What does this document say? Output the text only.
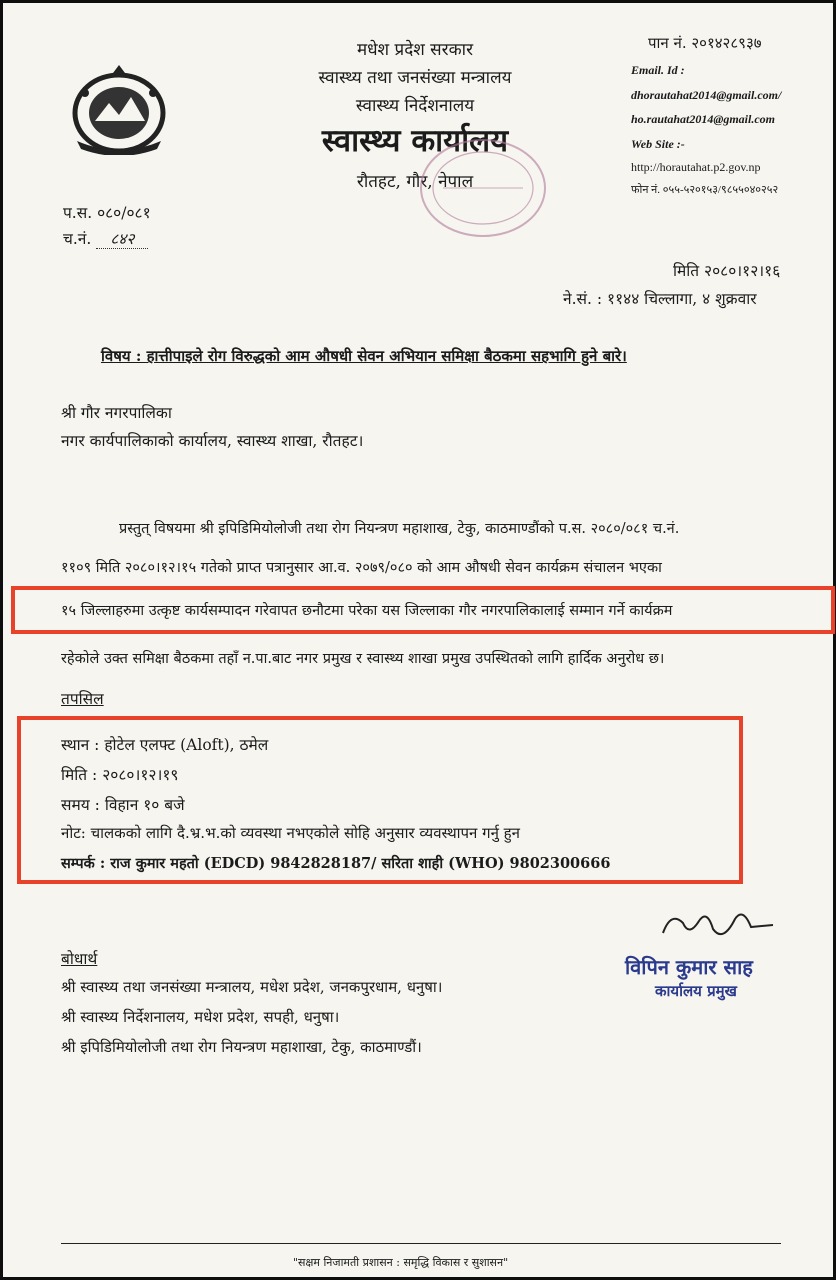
मधेश प्रदेश सरकार
स्वास्थ्य तथा जनसंख्या मन्त्रालय
स्वास्थ्य निर्देशनालय
स्वास्थ्य कार्यालय
रौतहट, गौर, नेपाल
पान नं. २०१४२८९३७
Email. Id :
dhorautahat2014@gmail.com/
ho.rautahat2014@gmail.com
Web Site :-
http://horautahat.p2.gov.np
फोन नं. ०५५-५२०१५३/९८५५०४०२५२
प.स. ०८०/०८१
च.नं. ८४२
मिति २०८०।१२।१६
ने.सं. : ११४४ चिल्लागा, ४ शुक्रवार
विषय : हात्तीपाइले रोग विरुद्धको आम औषधी सेवन अभियान समिक्षा बैठकमा सहभागि हुने बारे।
श्री गौर नगरपालिका
नगर कार्यपालिकाको कार्यालय, स्वास्थ्य शाखा, रौतहट।
प्रस्तुत् विषयमा श्री इपिडिमियोलोजी तथा रोग नियन्त्रण महाशाख, टेकु, काठमाण्डौंको प.स. २०८०/०८१ च.नं.
११०९ मिति २०८०।१२।१५ गतेको प्राप्त पत्रानुसार आ.व. २०७९/०८० को आम औषधी सेवन कार्यक्रम संचालन भएका
१५ जिल्लाहरुमा उत्कृष्ट कार्यसम्पादन गरेवापत छनौटमा परेका यस जिल्लाका गौर नगरपालिकालाई सम्मान गर्ने कार्यक्रम
रहेकोले उक्त समिक्षा बैठकमा तहाँ न.पा.बाट नगर प्रमुख र स्वास्थ्य शाखा प्रमुख उपस्थितको लागि हार्दिक अनुरोध छ।
तपसिल
स्थान : होटेल एलफ्ट (Aloft), ठमेल
मिति : २०८०।१२।१९
समय : विहान १० बजे
नोट: चालकको लागि दै.भ्र.भ.को व्यवस्था नभएकोले सोहि अनुसार व्यवस्थापन गर्नु हुन
सम्पर्क : राज कुमार महतो (EDCD) 9842828187/ सरिता शाही (WHO) 9802300666
विपिन कुमार साह
कार्यालय प्रमुख
बोधार्थ
श्री स्वास्थ्य तथा जनसंख्या मन्त्रालय, मधेश प्रदेश, जनकपुरधाम, धनुषा।
श्री स्वास्थ्य निर्देशनालय, मधेश प्रदेश, सपही, धनुषा।
श्री इपिडिमियोलोजी तथा रोग नियन्त्रण महाशाखा, टेकु, काठमाण्डौं।
"सक्षम निजामती प्रशासन : समृद्धि विकास र सुशासन"
